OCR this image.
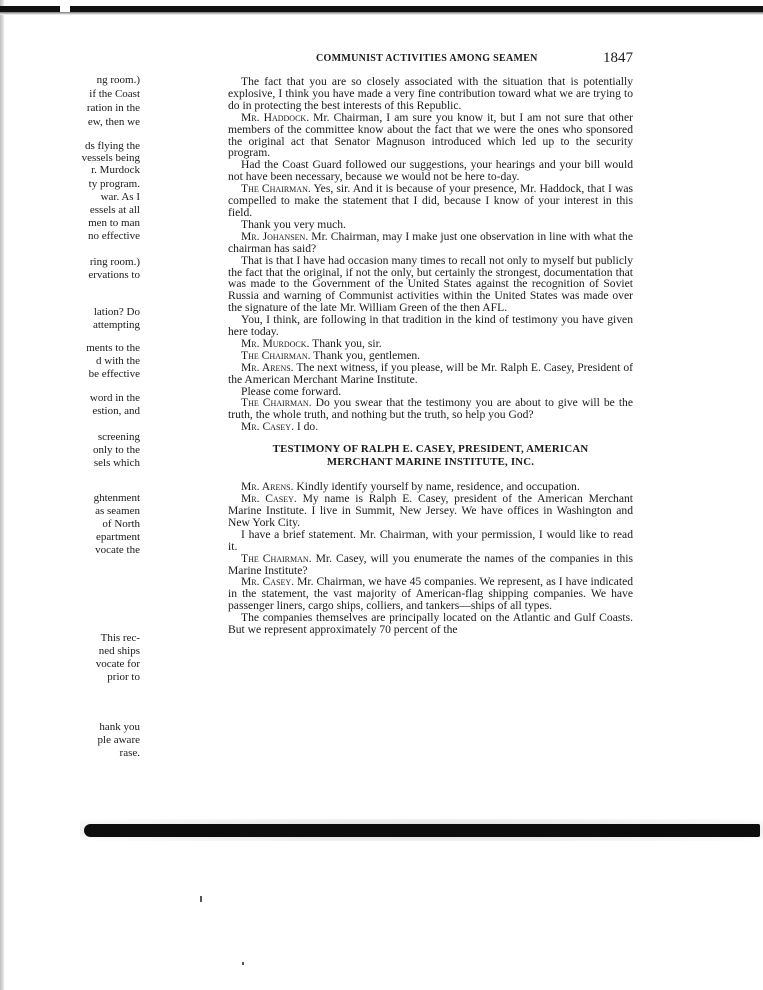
COMMUNIST ACTIVITIES AMONG SEAMEN	1847
ng room.)
if the Coast
ration in the
ew, then we
ds flying the
vessels being
r. Murdock
ty program.
war. As I
essels at all
men to man
no effective
ring room.)
ervations to
lation? Do
attempting
ments to the
d with the
be effective
word in the
estion, and
screening
only to the
sels which
ghtenment
as seamen
of North
epartment
vocate the
This rec-
ned ships
vocate for
prior to
hank you
ple aware
rase.

The fact that you are so closely associated with the situation that is potentially explosive, I think you have made a very fine contribution toward what we are trying to do in protecting the best interests of this Republic.

Mr. Haddock. Mr. Chairman, I am sure you know it, but I am not sure that other members of the committee know about the fact that we were the ones who sponsored the original act that Senator Magnuson introduced which led up to the security program.

Had the Coast Guard followed our suggestions, your hearings and your bill would not have been necessary, because we would not be here to-day.

The Chairman. Yes, sir. And it is because of your presence, Mr. Haddock, that I was compelled to make the statement that I did, because I know of your interest in this field.

Thank you very much.

Mr. Johansen. Mr. Chairman, may I make just one observation in line with what the chairman has said?

That is that I have had occasion many times to recall not only to myself but publicly the fact that the original, if not the only, but certainly the strongest, documentation that was made to the Government of the United States against the recognition of Soviet Russia and warning of Communist activities within the United States was made over the signature of the late Mr. William Green of the then AFL.

You, I think, are following in that tradition in the kind of testimony you have given here today.

Mr. Murdock. Thank you, sir.

The Chairman. Thank you, gentlemen.

Mr. Arens. The next witness, if you please, will be Mr. Ralph E. Casey, President of the American Merchant Marine Institute.

Please come forward.

The Chairman. Do you swear that the testimony you are about to give will be the truth, the whole truth, and nothing but the truth, so help you God?

Mr. Casey. I do.

TESTIMONY OF RALPH E. CASEY, PRESIDENT, AMERICAN
MERCHANT MARINE INSTITUTE, INC.

Mr. Arens. Kindly identify yourself by name, residence, and occupation.

Mr. Casey. My name is Ralph E. Casey, president of the American Merchant Marine Institute. I live in Summit, New Jersey. We have offices in Washington and New York City.

I have a brief statement. Mr. Chairman, with your permission, I would like to read it.

The Chairman. Mr. Casey, will you enumerate the names of the companies in this Marine Institute?

Mr. Casey. Mr. Chairman, we have 45 companies. We represent, as I have indicated in the statement, the vast majority of American-flag shipping companies. We have passenger liners, cargo ships, colliers, and tankers—ships of all types.

The companies themselves are principally located on the Atlantic and Gulf Coasts. But we represent approximately 70 percent of the
